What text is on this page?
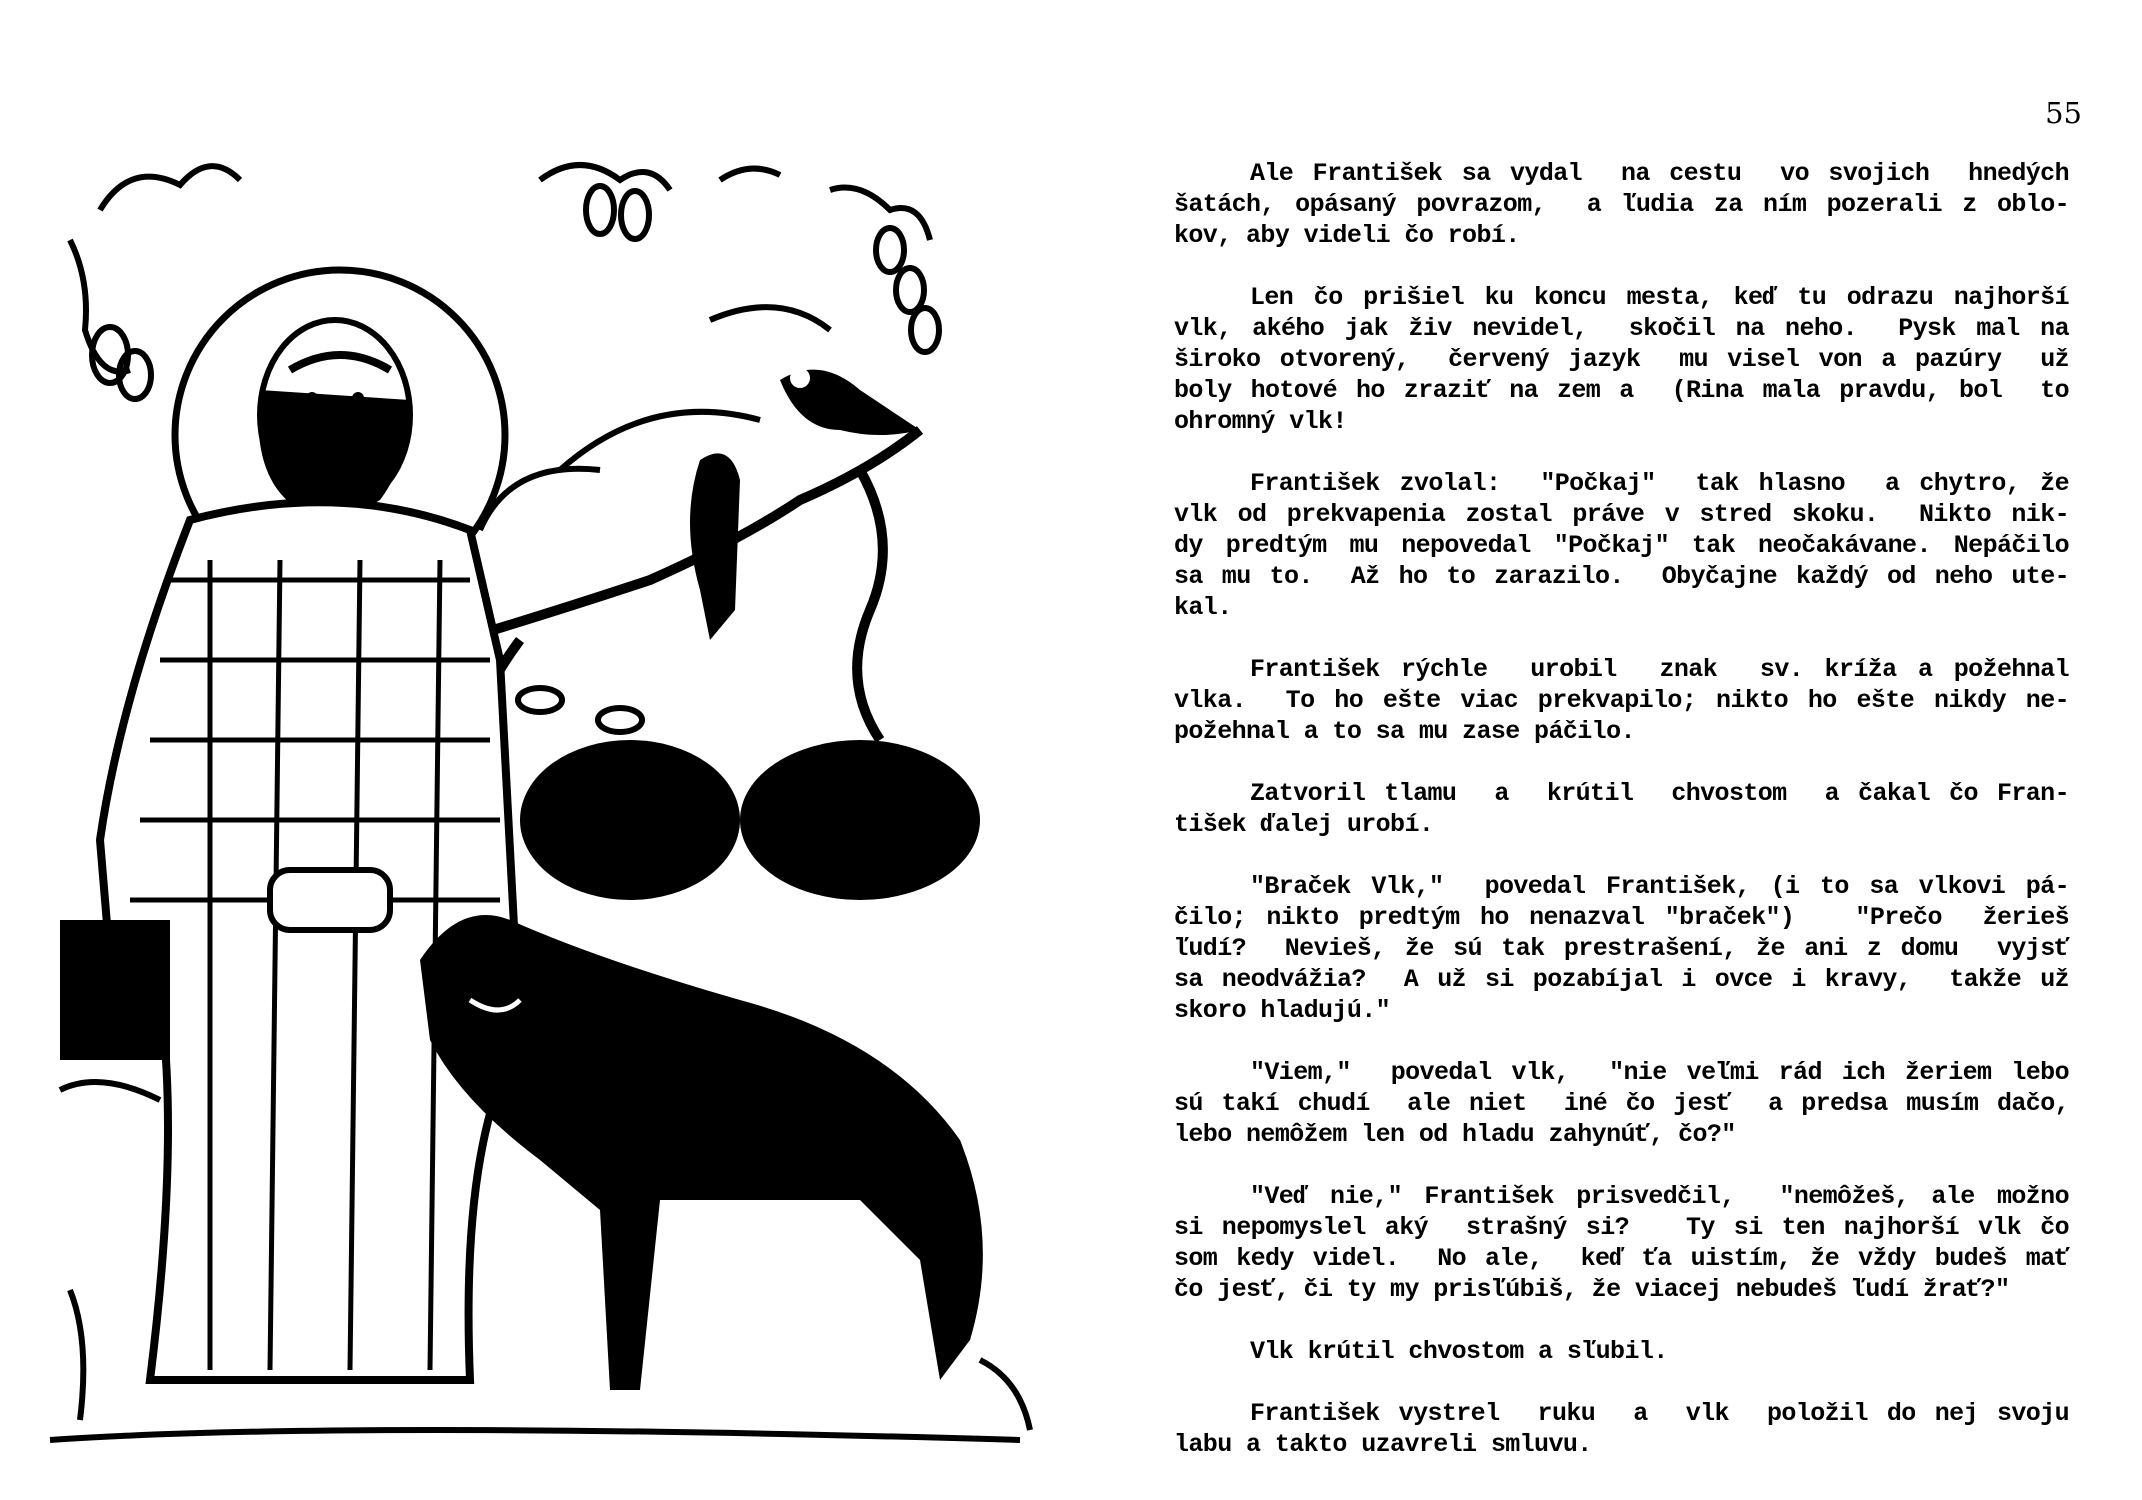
55

Ale František sa vydal  na cestu  vo svojich  hnedých
šatách, opásaný povrazom,  a ľudia za ním pozerali z oblo-
kov, aby videli čo robí.

Len čo prišiel ku koncu mesta, keď tu odrazu najhorší
vlk, akého jak živ nevidel,  skočil na neho.  Pysk mal na
široko otvorený,  červený jazyk  mu visel von a pazúry  už
boly hotové ho zraziť na zem a  (Rina mala pravdu, bol  to
ohromný vlk!

František zvolal:  "Počkaj"  tak hlasno  a chytro, že
vlk od prekvapenia zostal práve v stred skoku.  Nikto nik-
dy predtým mu nepovedal "Počkaj" tak neočakávane. Nepáčilo
sa mu to.  Až ho to zarazilo.  Obyčajne každý od neho ute-
kal.

František rýchle  urobil  znak  sv. kríža a požehnal
vlka.  To ho ešte viac prekvapilo; nikto ho ešte nikdy ne-
požehnal a to sa mu zase páčilo.

Zatvoril tlamu  a  krútil  chvostom  a čakal čo Fran-
tišek ďalej urobí.

"Braček Vlk,"  povedal František, (i to sa vlkovi pá-
čilo; nikto predtým ho nenazval "braček")   "Prečo  žerieš
ľudí?  Nevieš, že sú tak prestrašení, že ani z domu  vyjsť
sa neodvážia?  A už si pozabíjal i ovce i kravy,  takže už
skoro hladujú."

"Viem,"  povedal vlk,  "nie veľmi rád ich žeriem lebo
sú takí chudí  ale niet  iné čo jesť  a predsa musím dačo,
lebo nemôžem len od hladu zahynúť, čo?"

"Veď nie," František prisvedčil,  "nemôžeš, ale možno
si nepomyslel aký  strašný si?   Ty si ten najhorší vlk čo
som kedy videl.  No ale,  keď ťa uistím, že vždy budeš mať
čo jesť, či ty my prisľúbiš, že viacej nebudeš ľudí žrať?"

Vlk krútil chvostom a sľubil.

František vystrel  ruku  a  vlk  položil do nej svoju
labu a takto uzavreli smluvu.
